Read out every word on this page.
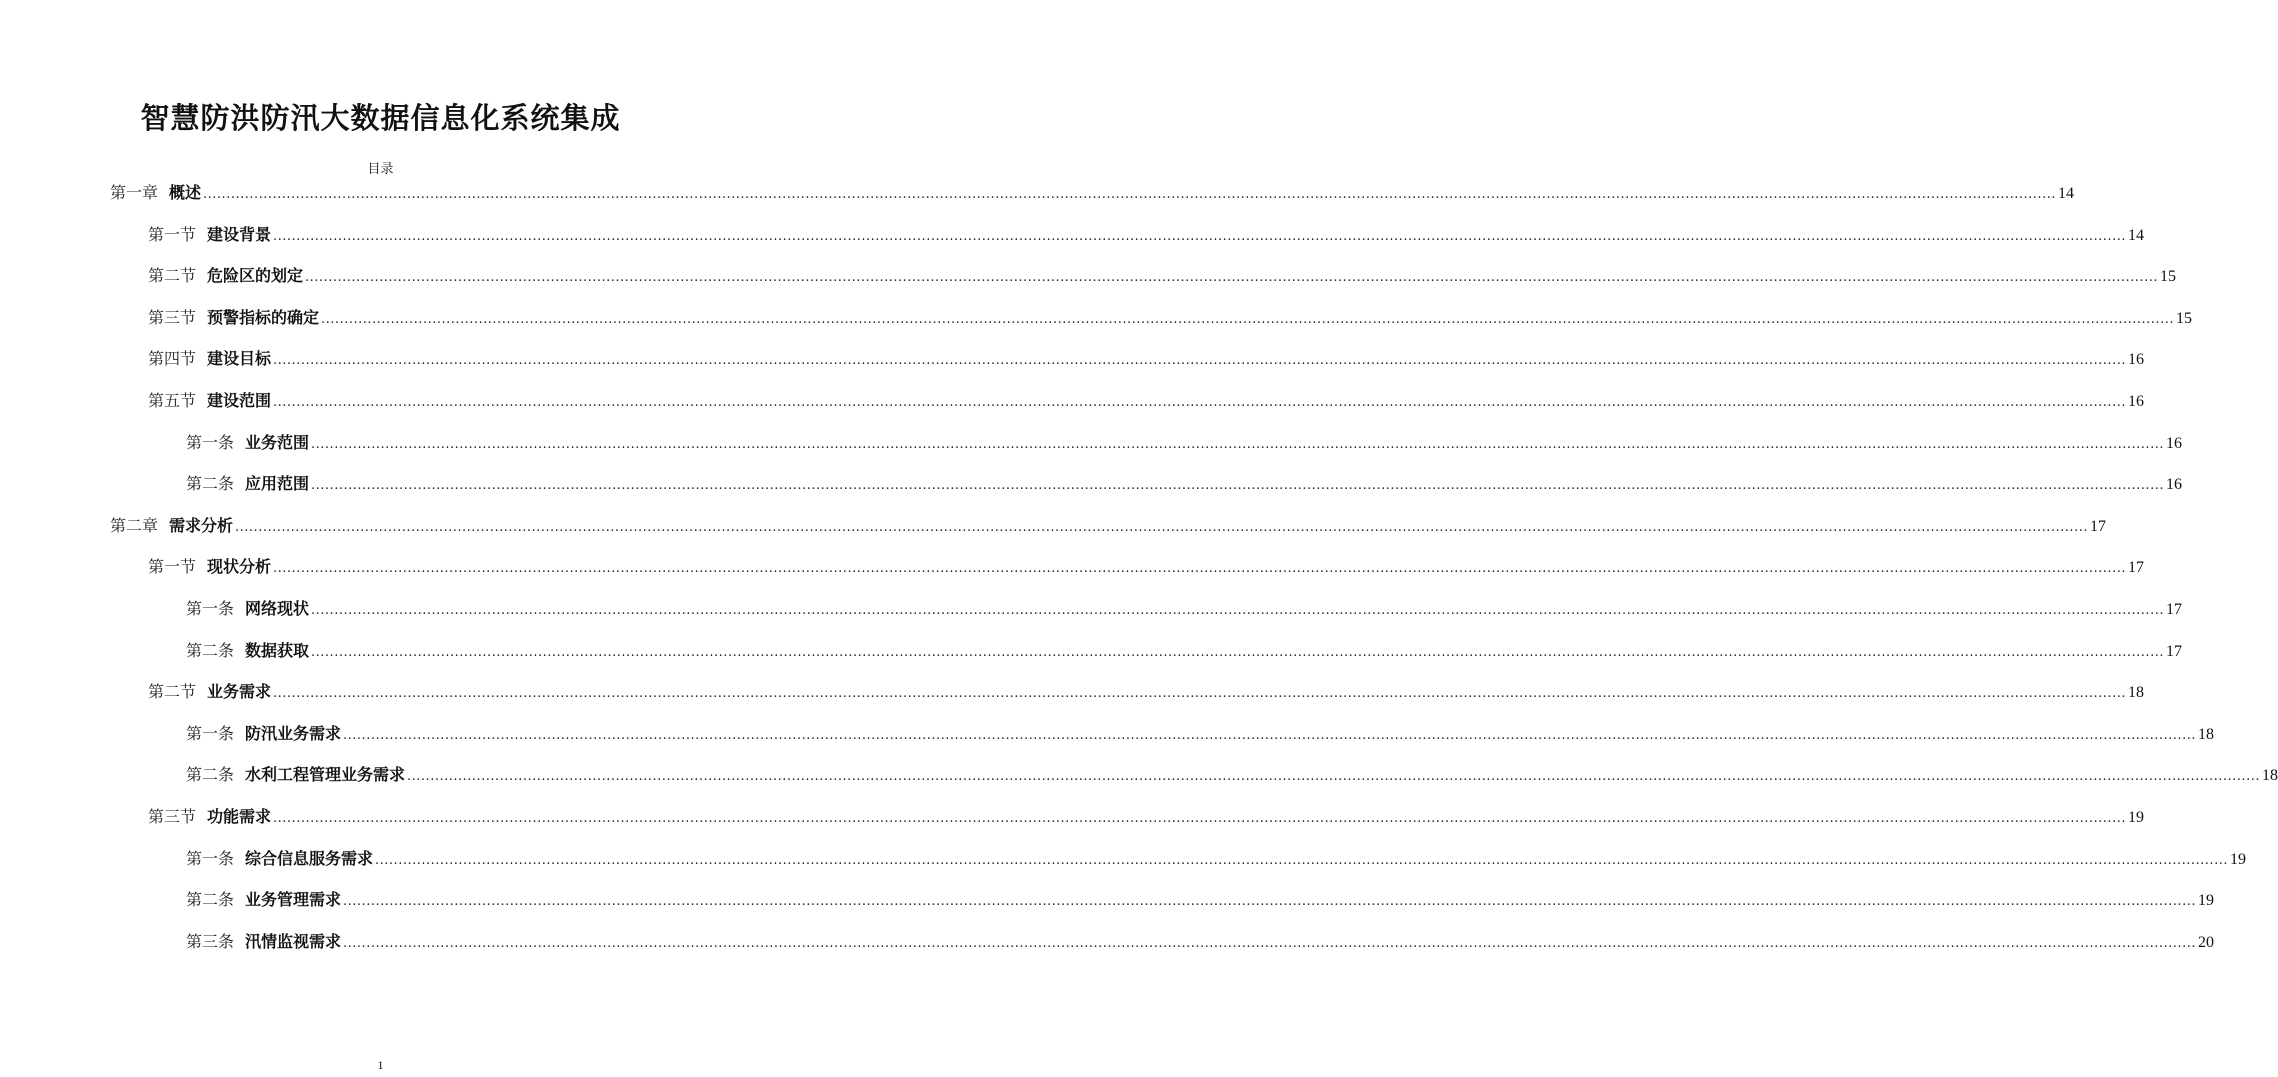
智慧防洪防汛大数据信息化系统集成
目录
第一章 概述 ................................................................................................................................................................................................................................................................................................................................................................................................................ 14
第一节 建设背景 ................................................................................................................................................................................................................................................................................................................................................................................................................ 14
第二节 危险区的划定 ................................................................................................................................................................................................................................................................................................................................................................................................................ 15
第三节 预警指标的确定 ................................................................................................................................................................................................................................................................................................................................................................................................................ 15
第四节 建设目标 ................................................................................................................................................................................................................................................................................................................................................................................................................ 16
第五节 建设范围 ................................................................................................................................................................................................................................................................................................................................................................................................................ 16
第一条 业务范围 ................................................................................................................................................................................................................................................................................................................................................................................................................ 16
第二条 应用范围 ................................................................................................................................................................................................................................................................................................................................................................................................................ 16
第二章 需求分析 ................................................................................................................................................................................................................................................................................................................................................................................................................ 17
第一节 现状分析 ................................................................................................................................................................................................................................................................................................................................................................................................................ 17
第一条 网络现状 ................................................................................................................................................................................................................................................................................................................................................................................................................ 17
第二条 数据获取 ................................................................................................................................................................................................................................................................................................................................................................................................................ 17
第二节 业务需求 ................................................................................................................................................................................................................................................................................................................................................................................................................ 18
第一条 防汛业务需求 ................................................................................................................................................................................................................................................................................................................................................................................................................ 18
第二条 水利工程管理业务需求 ................................................................................................................................................................................................................................................................................................................................................................................................................ 18
第三节 功能需求 ................................................................................................................................................................................................................................................................................................................................................................................................................ 19
第一条 综合信息服务需求 ................................................................................................................................................................................................................................................................................................................................................................................................................ 19
第二条 业务管理需求 ................................................................................................................................................................................................................................................................................................................................................................................................................ 19
第三条 汛情监视需求 ................................................................................................................................................................................................................................................................................................................................................................................................................ 20
1
